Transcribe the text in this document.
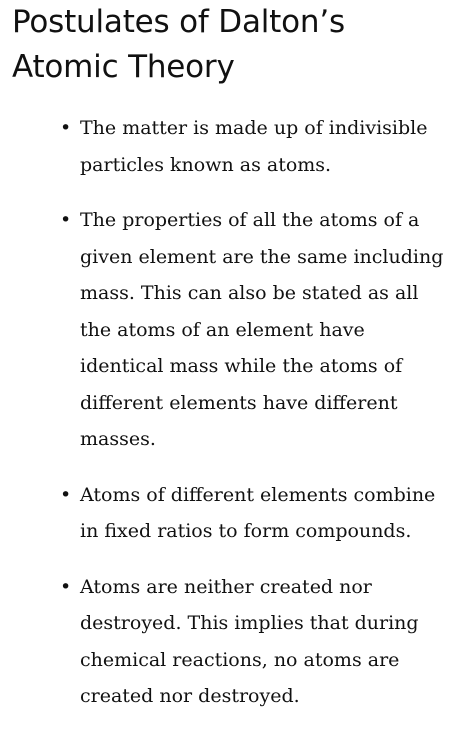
Postulates of Dalton’s
Atomic Theory
• The matter is made up of indivisible
particles known as atoms.
• The properties of all the atoms of a
given element are the same including
mass. This can also be stated as all
the atoms of an element have
identical mass while the atoms of
different elements have different
masses.
• Atoms of different elements combine
in fixed ratios to form compounds.
• Atoms are neither created nor
destroyed. This implies that during
chemical reactions, no atoms are
created nor destroyed.
